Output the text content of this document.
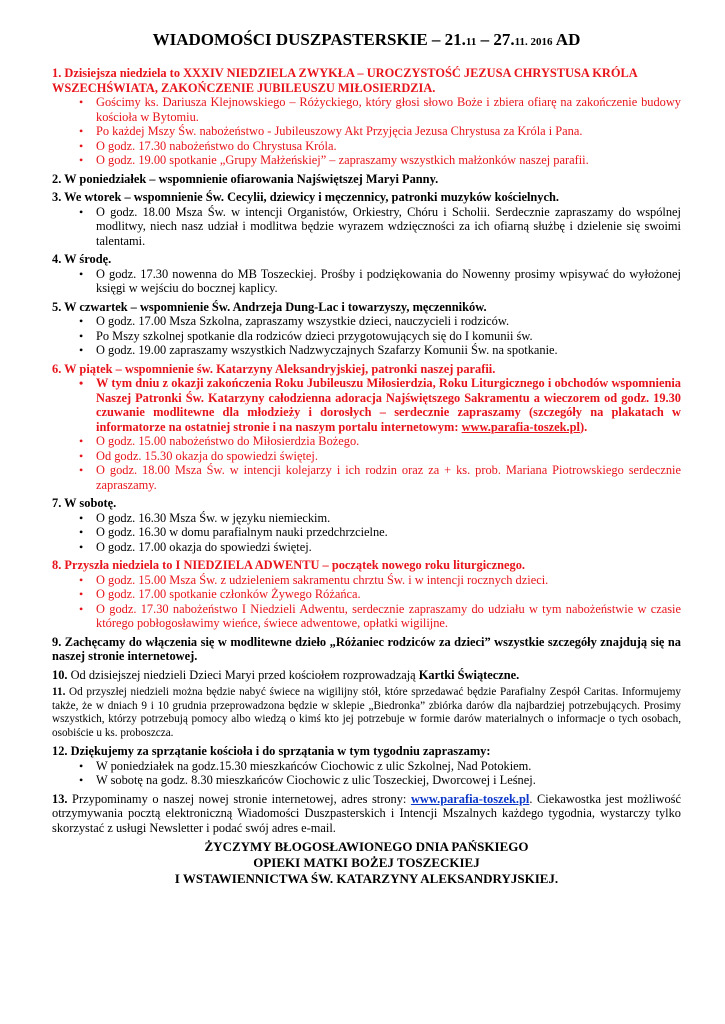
WIADOMOŚCI DUSZPASTERSKIE – 21.11 – 27.11. 2016 AD
1. Dzisiejsza niedziela to XXXIV NIEDZIELA ZWYKŁA – UROCZYSTOŚĆ JEZUSA CHRYSTUSA KRÓLA WSZECHŚWIATA, ZAKOŃCZENIE JUBILEUSZU MIŁOSIERDZIA.
• Gościmy ks. Dariusza Klejnowskiego – Różyckiego, który głosi słowo Boże i zbiera ofiarę na zakończenie budowy kościoła w Bytomiu.
• Po każdej Mszy Św. nabożeństwo - Jubileuszowy Akt Przyjęcia Jezusa Chrystusa za Króla i Pana.
• O godz. 17.30 nabożeństwo do Chrystusa Króla.
• O godz. 19.00 spotkanie „Grupy Małżeńskiej” – zapraszamy wszystkich małżonków naszej parafii.
2. W poniedziałek – wspomnienie ofiarowania Najświętszej Maryi Panny.
3. We wtorek – wspomnienie Św. Cecylii, dziewicy i męczennicy, patronki muzyków kościelnych.
• O godz. 18.00 Msza Św. w intencji Organistów, Orkiestry, Chóru i Scholii. Serdecznie zapraszamy do wspólnej modlitwy, niech nasz udział i modlitwa będzie wyrazem wdzięczności za ich ofiarną służbę i dzielenie się swoimi talentami.
4. W środę.
• O godz. 17.30 nowenna do MB Toszeckiej. Prośby i podziękowania do Nowenny prosimy wpisywać do wyłożonej księgi w wejściu do bocznej kaplicy.
5. W czwartek – wspomnienie Św. Andrzeja Dung-Lac i towarzyszy, męczenników.
• O godz. 17.00 Msza Szkolna, zapraszamy wszystkie dzieci, nauczycieli i rodziców.
• Po Mszy szkolnej spotkanie dla rodziców dzieci przygotowujących się do I komunii św.
• O godz. 19.00 zapraszamy wszystkich Nadzwyczajnych Szafarzy Komunii Św. na spotkanie.
6. W piątek – wspomnienie św. Katarzyny Aleksandryjskiej, patronki naszej parafii.
• W tym dniu z okazji zakończenia Roku Jubileuszu Miłosierdzia, Roku Liturgicznego i obchodów wspomnienia Naszej Patronki Św. Katarzyny całodzienna adoracja Najświętszego Sakramentu a wieczorem od godz. 19.30 czuwanie modlitewne dla młodzieży i dorosłych – serdecznie zapraszamy (szczegóły na plakatach w informatorze na ostatniej stronie i na naszym portalu internetowym: www.parafia-toszek.pl).
• O godz. 15.00 nabożeństwo do Miłosierdzia Bożego.
• Od godz. 15.30 okazja do spowiedzi świętej.
• O godz. 18.00 Msza Św. w intencji kolejarzy i ich rodzin oraz za + ks. prob. Mariana Piotrowskiego serdecznie zapraszamy.
7. W sobotę.
• O godz. 16.30 Msza Św. w języku niemieckim.
• O godz. 16.30 w domu parafialnym nauki przedchrzcielne.
• O godz. 17.00 okazja do spowiedzi świętej.
8. Przyszła niedziela to I NIEDZIELA ADWENTU – początek nowego roku liturgicznego.
• O godz. 15.00 Msza Św. z udzieleniem sakramentu chrztu Św. i w intencji rocznych dzieci.
• O godz. 17.00 spotkanie członków Żywego Różańca.
• O godz. 17.30 nabożeństwo I Niedzieli Adwentu, serdecznie zapraszamy do udziału w tym nabożeństwie w czasie którego pobłogosławimy wieńce, świece adwentowe, opłatki wigilijne.
9. Zachęcamy do włączenia się w modlitewne dzieło „Różaniec rodziców za dzieci” wszystkie szczegóły znajdują się na naszej stronie internetowej.
10. Od dzisiejszej niedzieli Dzieci Maryi przed kościołem rozprowadzają Kartki Świąteczne.
11. Od przyszłej niedzieli można będzie nabyć świece na wigilijny stół, które sprzedawać będzie Parafialny Zespół Caritas. Informujemy także, że w dniach 9 i 10 grudnia przeprowadzona będzie w sklepie „Biedronka” zbiórka darów dla najbardziej potrzebujących. Prosimy wszystkich, którzy potrzebują pomocy albo wiedzą o kimś kto jej potrzebuje w formie darów materialnych o informacje o tych osobach, osobiście u ks. proboszcza.
12. Dziękujemy za sprzątanie kościoła i do sprzątania w tym tygodniu zapraszamy:
• W poniedziałek na godz.15.30 mieszkańców Ciochowic z ulic Szkolnej, Nad Potokiem.
• W sobotę na godz. 8.30 mieszkańców Ciochowic z ulic Toszeckiej, Dworcowej i Leśnej.
13. Przypominamy o naszej nowej stronie internetowej, adres strony: www.parafia-toszek.pl. Ciekawostka jest możliwość otrzymywania pocztą elektroniczną Wiadomości Duszpasterskich i Intencji Mszalnych każdego tygodnia, wystarczy tylko skorzystać z usługi Newsletter i podać swój adres e-mail.
ŻYCZYMY BŁOGOSŁAWIONEGO DNIA PAŃSKIEGO
OPIEKI MATKI BOŻEJ TOSZECKIEJ
I WSTAWIENNICTWA ŚW. KATARZYNY ALEKSANDRYJSKIEJ.
